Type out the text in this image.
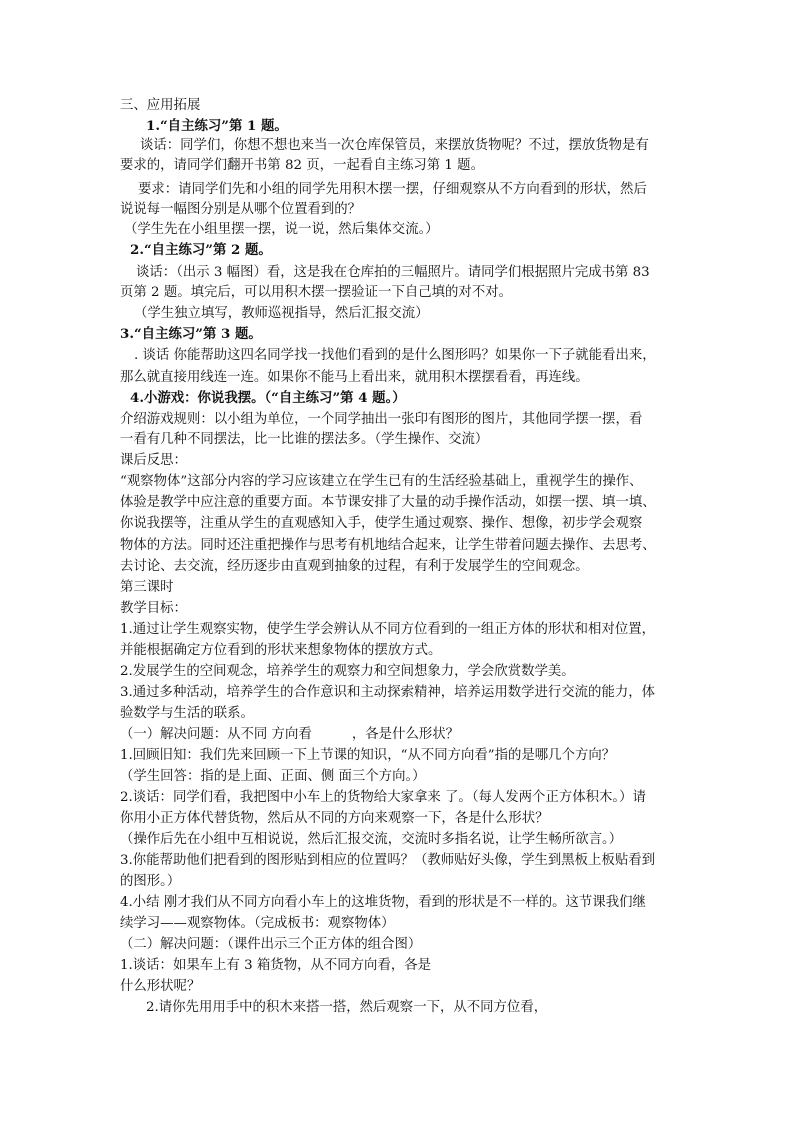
三、应用拓展
1.“自主练习”第 1 题。
谈话：同学们，你想不想也来当一次仓库保管员，来摆放货物呢？不过，摆放货物是有
要求的，请同学们翻开书第 82 页，一起看自主练习第 1 题。
要求：请同学们先和小组的同学先用积木摆一摆，仔细观察从不方向看到的形状，然后
说说每一幅图分别是从哪个位置看到的？
（学生先在小组里摆一摆，说一说，然后集体交流。）
2.“自主练习”第 2 题。
谈话：（出示 3 幅图）看，这是我在仓库拍的三幅照片。请同学们根据照片完成书第 83
页第 2 题。填完后，可以用积木摆一摆验证一下自己填的对不对。
（学生独立填写，教师巡视指导，然后汇报交流）
3.“自主练习”第 3 题。
. 谈话 你能帮助这四名同学找一找他们看到的是什么图形吗？如果你一下子就能看出来，
那么就直接用线连一连。如果你不能马上看出来，就用积木摆摆看看，再连线。
4.小游戏：你说我摆。（“自主练习”第 4 题。）
介绍游戏规则：以小组为单位，一个同学抽出一张印有图形的图片，其他同学摆一摆，看
一看有几种不同摆法，比一比谁的摆法多。（学生操作、交流）
课后反思：
“观察物体”这部分内容的学习应该建立在学生已有的生活经验基础上，重视学生的操作、
体验是教学中应注意的重要方面。本节课安排了大量的动手操作活动，如摆一摆、填一填、
你说我摆等，注重从学生的直观感知入手，使学生通过观察、操作、想像，初步学会观察
物体的方法。同时还注重把操作与思考有机地结合起来，让学生带着问题去操作、去思考、
去讨论、去交流，经历逐步由直观到抽象的过程，有利于发展学生的空间观念。
第三课时
教学目标：
1.通过让学生观察实物，使学生学会辨认从不同方位看到的一组正方体的形状和相对位置，
并能根据确定方位看到的形状来想象物体的摆放方式。
2.发展学生的空间观念，培养学生的观察力和空间想象力，学会欣赏数学美。
3.通过多种活动，培养学生的合作意识和主动探索精神，培养运用数学进行交流的能力，体
验数学与生活的联系。
（一）解决问题：从不同 方向看　　　，各是什么形状？
1.回顾旧知：我们先来回顾一下上节课的知识，“从不同方向看”指的是哪几个方向？
（学生回答：指的是上面、正面、侧 面三个方向。）
2.谈话：同学们看，我把图中小车上的货物给大家拿来 了。（每人发两个正方体积木。）请
你用小正方体代替货物，然后从不同的方向来观察一下，各是什么形状？
（操作后先在小组中互相说说，然后汇报交流，交流时多指名说，让学生畅所欲言。）
3.你能帮助他们把看到的图形贴到相应的位置吗？（教师贴好头像，学生到黑板上板贴看到
的图形。）
4.小结 刚才我们从不同方向看小车上的这堆货物，看到的形状是不一样的。这节课我们继
续学习——观察物体。（完成板书：观察物体）
（二）解决问题：（课件出示三个正方体的组合图）
1.谈话：如果车上有 3 箱货物，从不同方向看，各是
什么形状呢？
2.请你先用用手中的积木来搭一搭，然后观察一下，从不同方位看，
